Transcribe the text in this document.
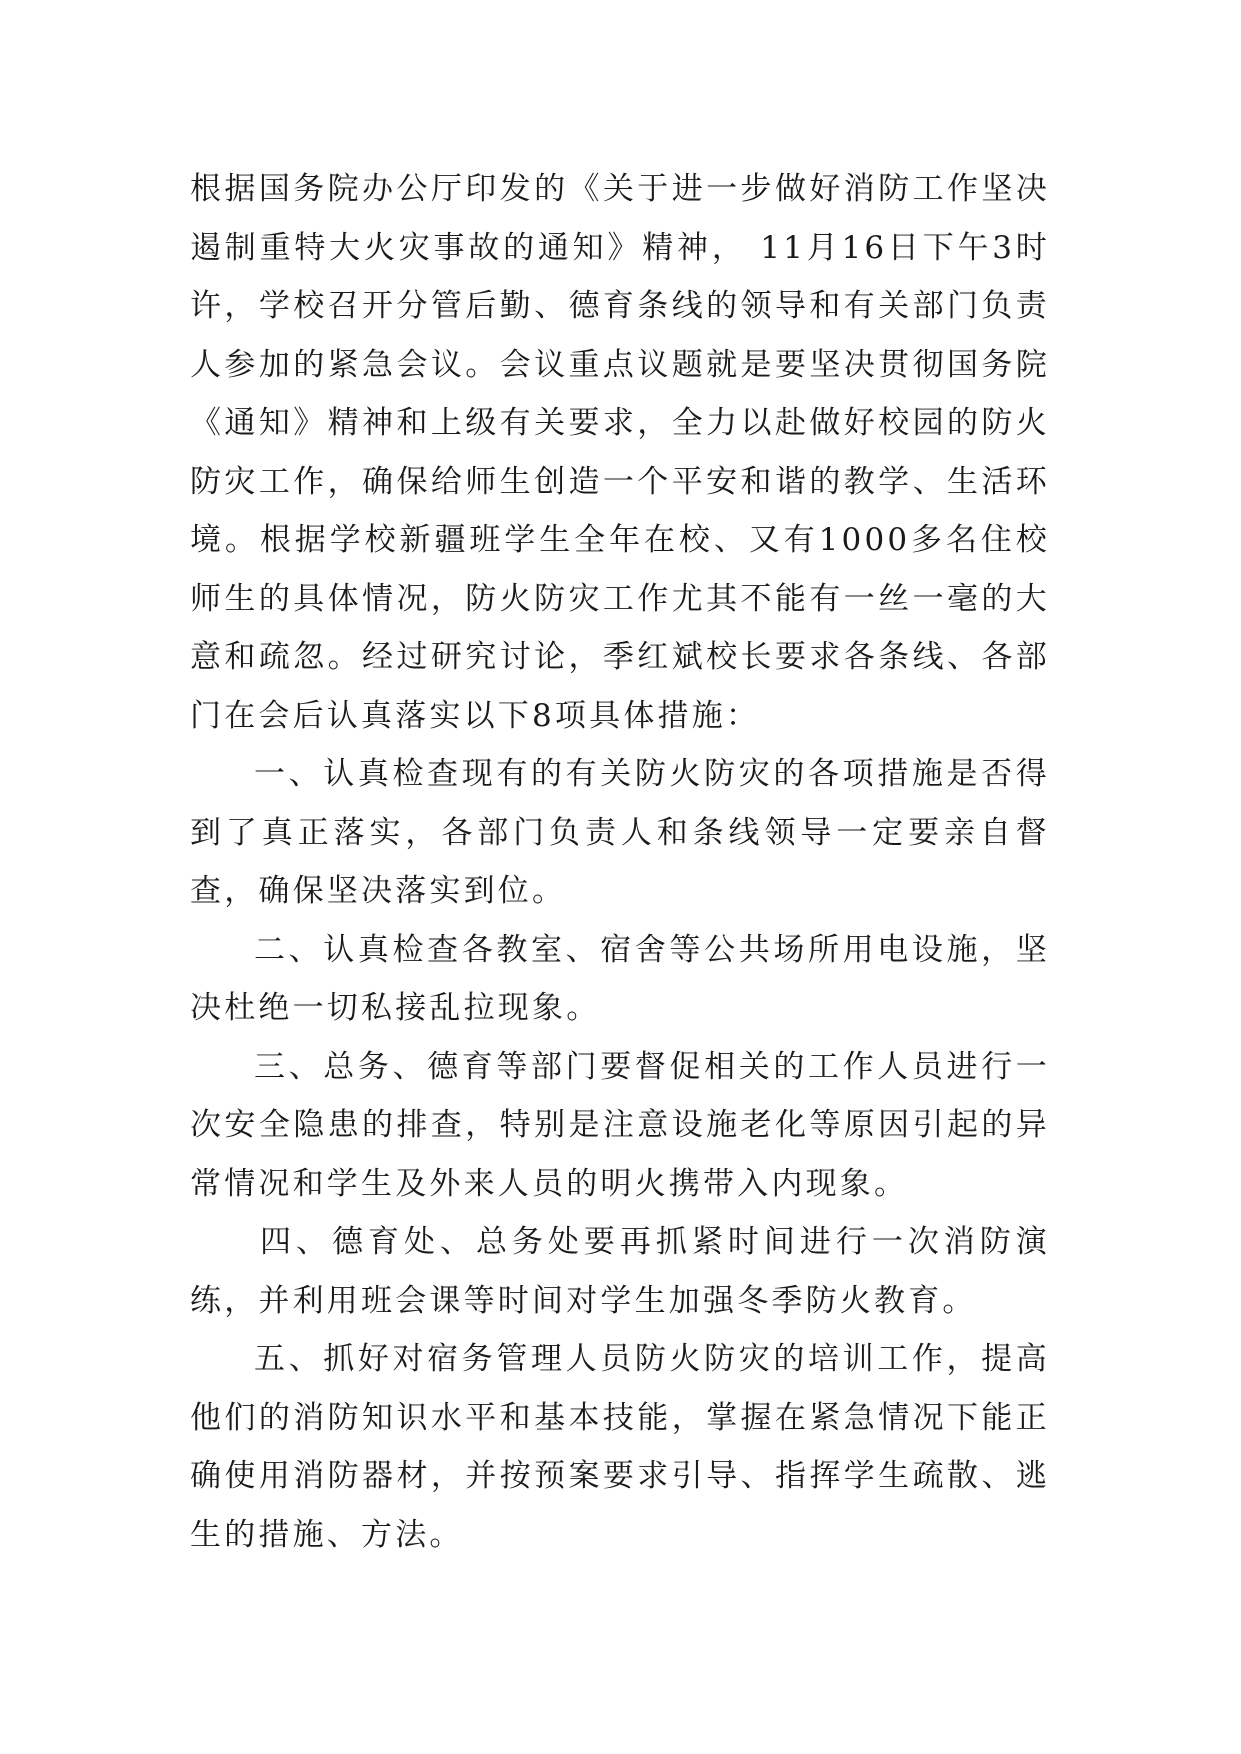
根据国务院办公厅印发的《关于进一步做好消防工作坚决遏制重特大火灾事故的通知》精神， 11月16日下午3时许，学校召开分管后勤、德育条线的领导和有关部门负责人参加的紧急会议。会议重点议题就是要坚决贯彻国务院《通知》精神和上级有关要求，全力以赴做好校园的防火防灾工作，确保给师生创造一个平安和谐的教学、生活环境。根据学校新疆班学生全年在校、又有1000多名住校师生的具体情况，防火防灾工作尤其不能有一丝一毫的大意和疏忽。经过研究讨论，季红斌校长要求各条线、各部门在会后认真落实以下8项具体措施：

一、认真检查现有的有关防火防灾的各项措施是否得到了真正落实，各部门负责人和条线领导一定要亲自督查，确保坚决落实到位。

二、认真检查各教室、宿舍等公共场所用电设施，坚决杜绝一切私接乱拉现象。

三、总务、德育等部门要督促相关的工作人员进行一次安全隐患的排查，特别是注意设施老化等原因引起的异常情况和学生及外来人员的明火携带入内现象。

四、德育处、总务处要再抓紧时间进行一次消防演练，并利用班会课等时间对学生加强冬季防火教育。

五、抓好对宿务管理人员防火防灾的培训工作，提高他们的消防知识水平和基本技能，掌握在紧急情况下能正确使用消防器材，并按预案要求引导、指挥学生疏散、逃生的措施、方法。
